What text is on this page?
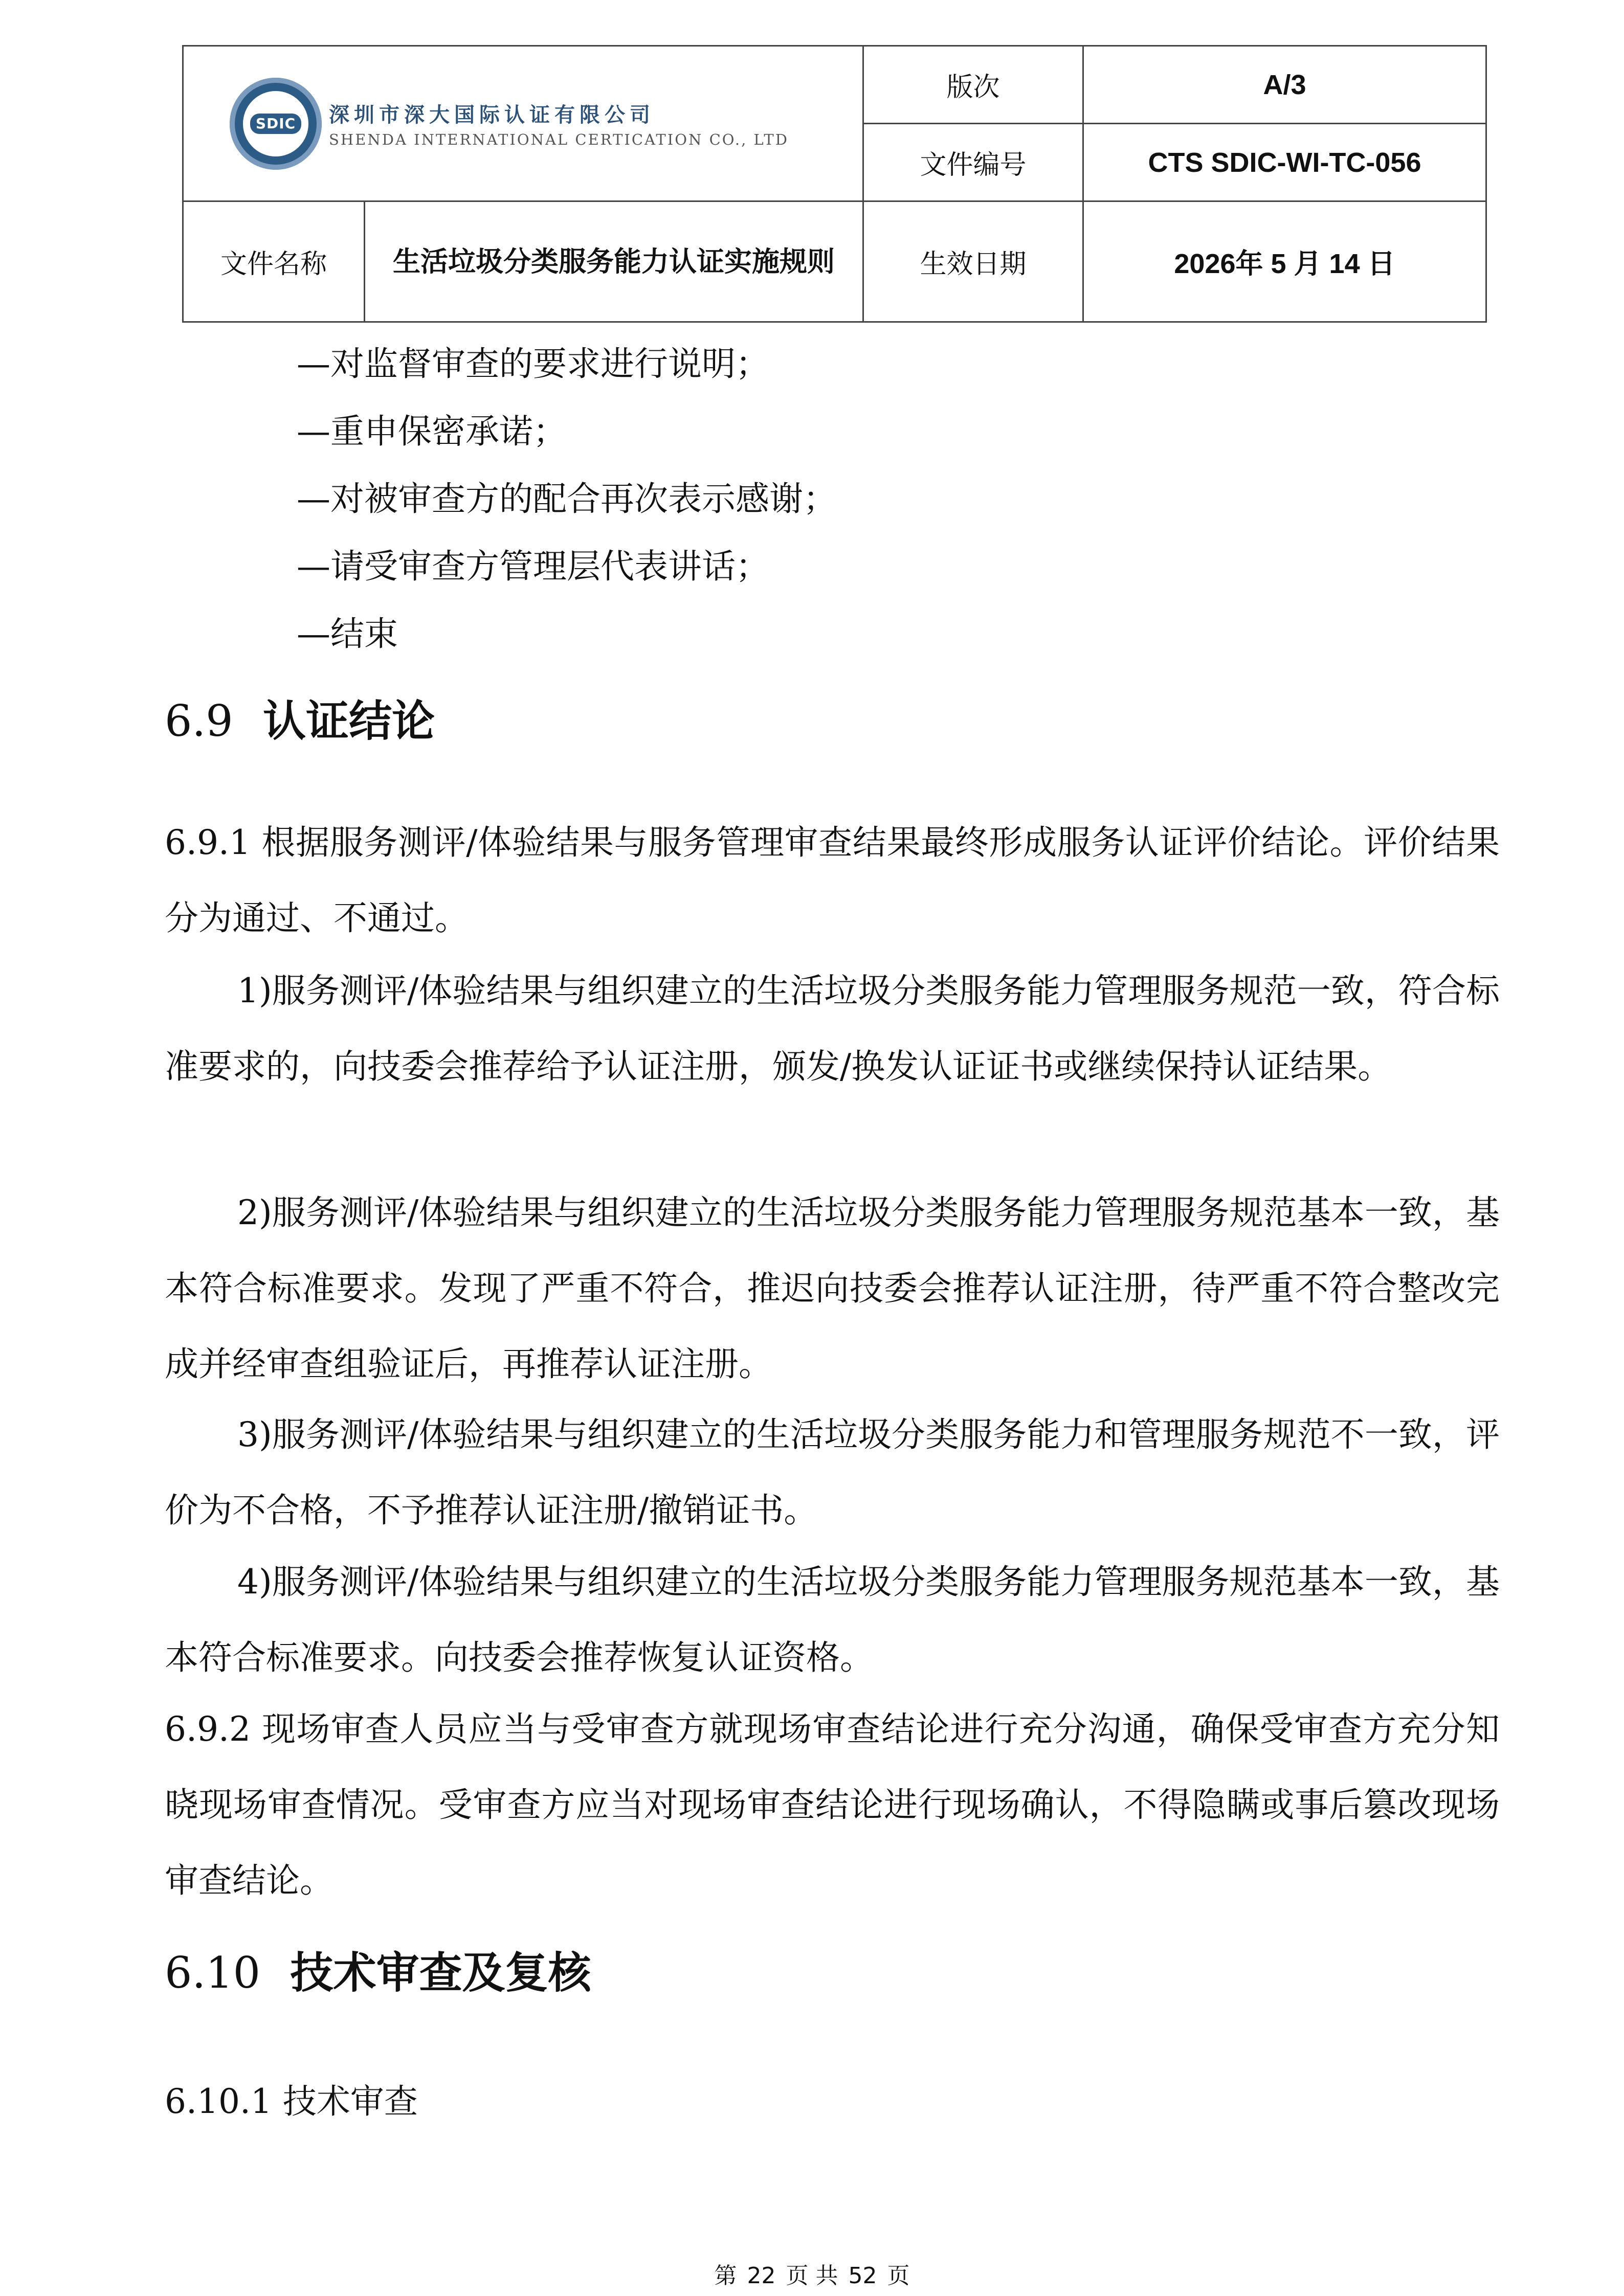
SDIC 深圳市深大国际认证有限公司
SHENDA INTERNATIONAL CERTICATION CO., LTD		版次	A/3
		文件编号	CTS SDIC-WI-TC-056
文件名称	生活垃圾分类服务能力认证实施规则	生效日期	2026年 5 月 14 日
—对监督审查的要求进行说明；
—重申保密承诺；
—对被审查方的配合再次表示感谢；
—请受审查方管理层代表讲话；
—结束
6.9 认证结论

6.9.1 根据服务测评/体验结果与服务管理审查结果最终形成服务认证评价结论。评价结果分为通过、不通过。

1)服务测评/体验结果与组织建立的生活垃圾分类服务能力管理服务规范一致，符合标准要求的，向技委会推荐给予认证注册，颁发/换发认证证书或继续保持认证结果。

2)服务测评/体验结果与组织建立的生活垃圾分类服务能力管理服务规范基本一致，基本符合标准要求。发现了严重不符合，推迟向技委会推荐认证注册，待严重不符合整改完成并经审查组验证后，再推荐认证注册。

3)服务测评/体验结果与组织建立的生活垃圾分类服务能力和管理服务规范不一致，评价为不合格，不予推荐认证注册/撤销证书。

4)服务测评/体验结果与组织建立的生活垃圾分类服务能力管理服务规范基本一致，基本符合标准要求。向技委会推荐恢复认证资格。

6.9.2 现场审查人员应当与受审查方就现场审查结论进行充分沟通，确保受审查方充分知晓现场审查情况。受审查方应当对现场审查结论进行现场确认，不得隐瞒或事后篡改现场审查结论。

6.10 技术审查及复核
6.10.1 技术审查
第 22 页 共 52 页
